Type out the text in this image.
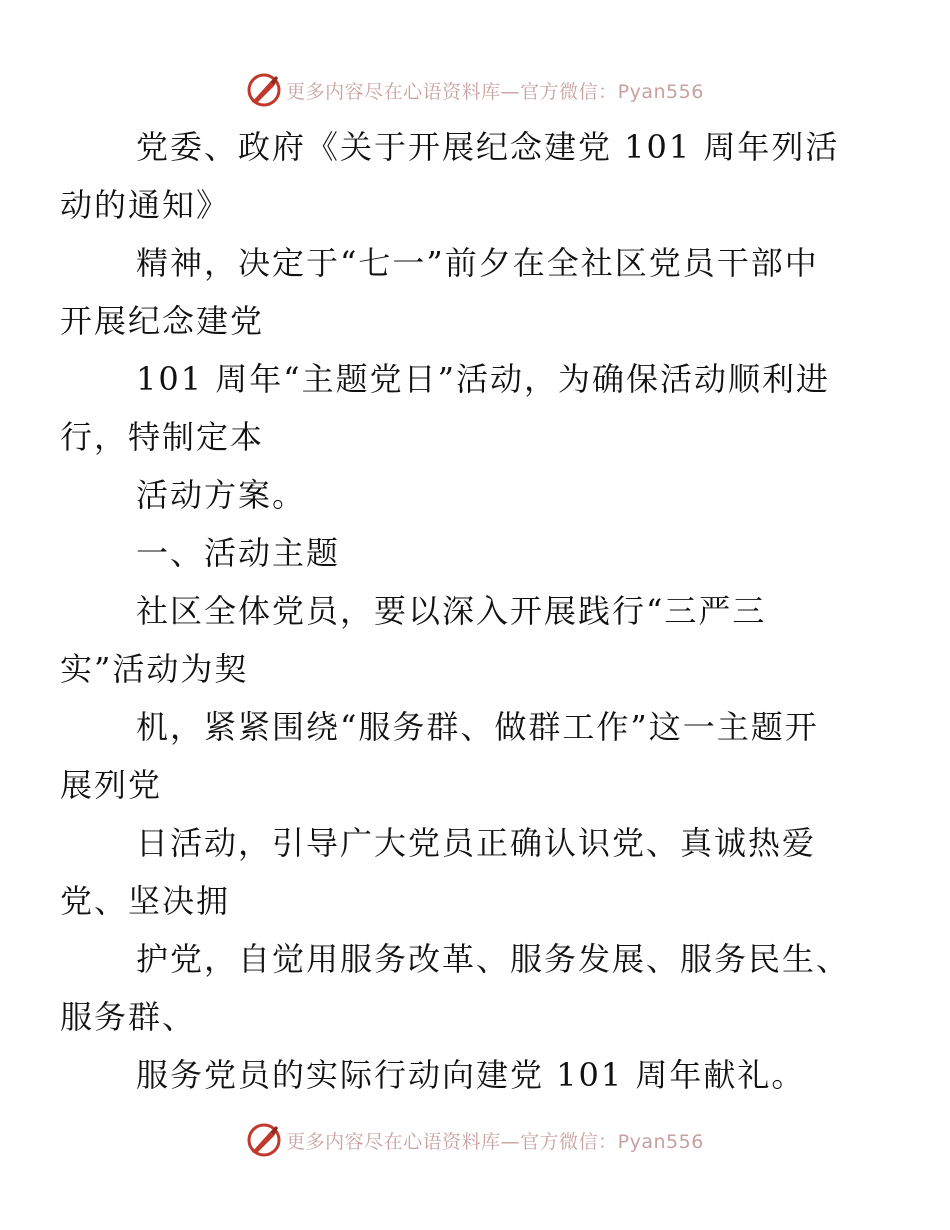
更多内容尽在心语资料库—官方微信：Pyan556

党委、政府《关于开展纪念建党 101 周年列活
动的通知》

精神，决定于“七一”前夕在全社区党员干部中
开展纪念建党

101 周年“主题党日”活动，为确保活动顺利进
行，特制定本

活动方案。

一、活动主题

社区全体党员，要以深入开展践行“三严三
实”活动为契

机，紧紧围绕“服务群、做群工作”这一主题开
展列党

日活动，引导广大党员正确认识党、真诚热爱
党、坚决拥

护党，自觉用服务改革、服务发展、服务民生、
服务群、

服务党员的实际行动向建党 101 周年献礼。

更多内容尽在心语资料库—官方微信：Pyan556
